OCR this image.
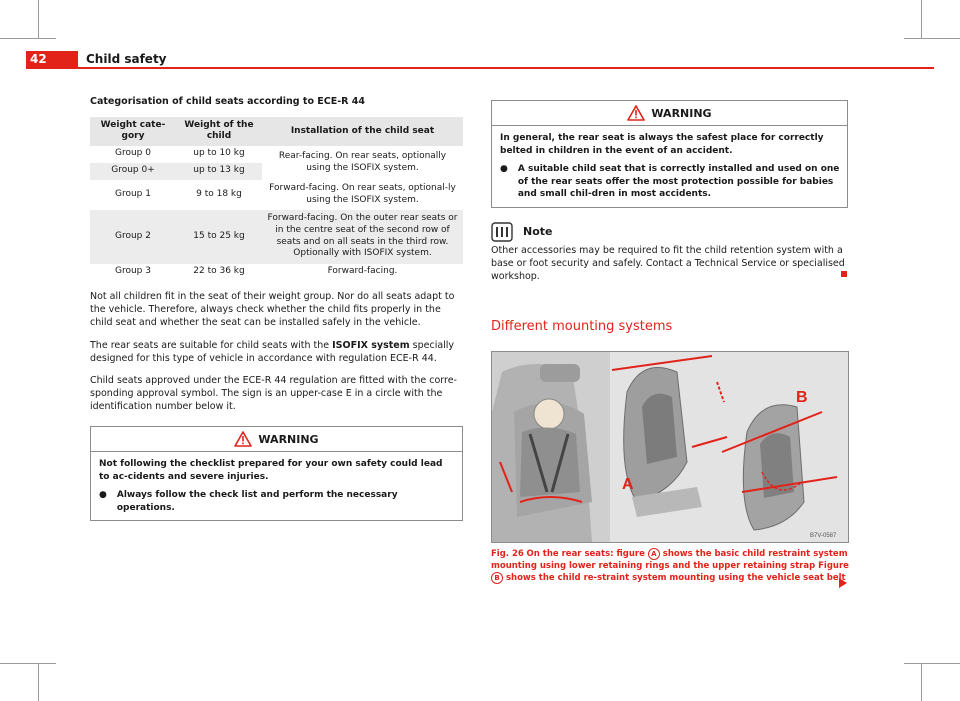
42	Child safety
Categorisation of child seats according to ECE-R 44
Weight cate-gory	Weight of the child	Installation of the child seat
Group 0	up to 10 kg	Rear-facing. On rear seats, optionally using the ISOFIX system.
Group 0+	up to 13 kg	
Group 1	9 to 18 kg	Forward-facing. On rear seats, optional-ly using the ISOFIX system.
Group 2	15 to 25 kg	Forward-facing. On the outer rear seats or in the centre seat of the second row of seats and on all seats in the third row. Optionally with ISOFIX system.
Group 3	22 to 36 kg	Forward-facing.

Not all children fit in the seat of their weight group. Nor do all seats adapt to the vehicle. Therefore, always check whether the child fits properly in the child seat and whether the seat can be installed safely in the vehicle.

The rear seats are suitable for child seats with the ISOFIX system specially designed for this type of vehicle in accordance with regulation ECE-R 44.

Child seats approved under the ECE-R 44 regulation are fitted with the corre-sponding approval symbol. The sign is an upper-case E in a circle with the identification number below it.

WARNING

Not following the checklist prepared for your own safety could lead to ac-cidents and severe injuries.

● Always follow the check list and perform the necessary operations.
WARNING

In general, the rear seat is always the safest place for correctly belted in children in the event of an accident.

● A suitable child seat that is correctly installed and used on one of the rear seats offer the most protection possible for babies and small chil-dren in most accidents.
Note

Other accessories may be required to fit the child retention system with a base or foot security and safely. Contact a Technical Service or specialised workshop.

Different mounting systems
A
B
B7V-0587
Fig. 26 On the rear seats: figure A shows the basic child restraint system mounting using lower retaining rings and the upper retaining strap Figure B shows the child re-straint system mounting using the vehicle seat belt
